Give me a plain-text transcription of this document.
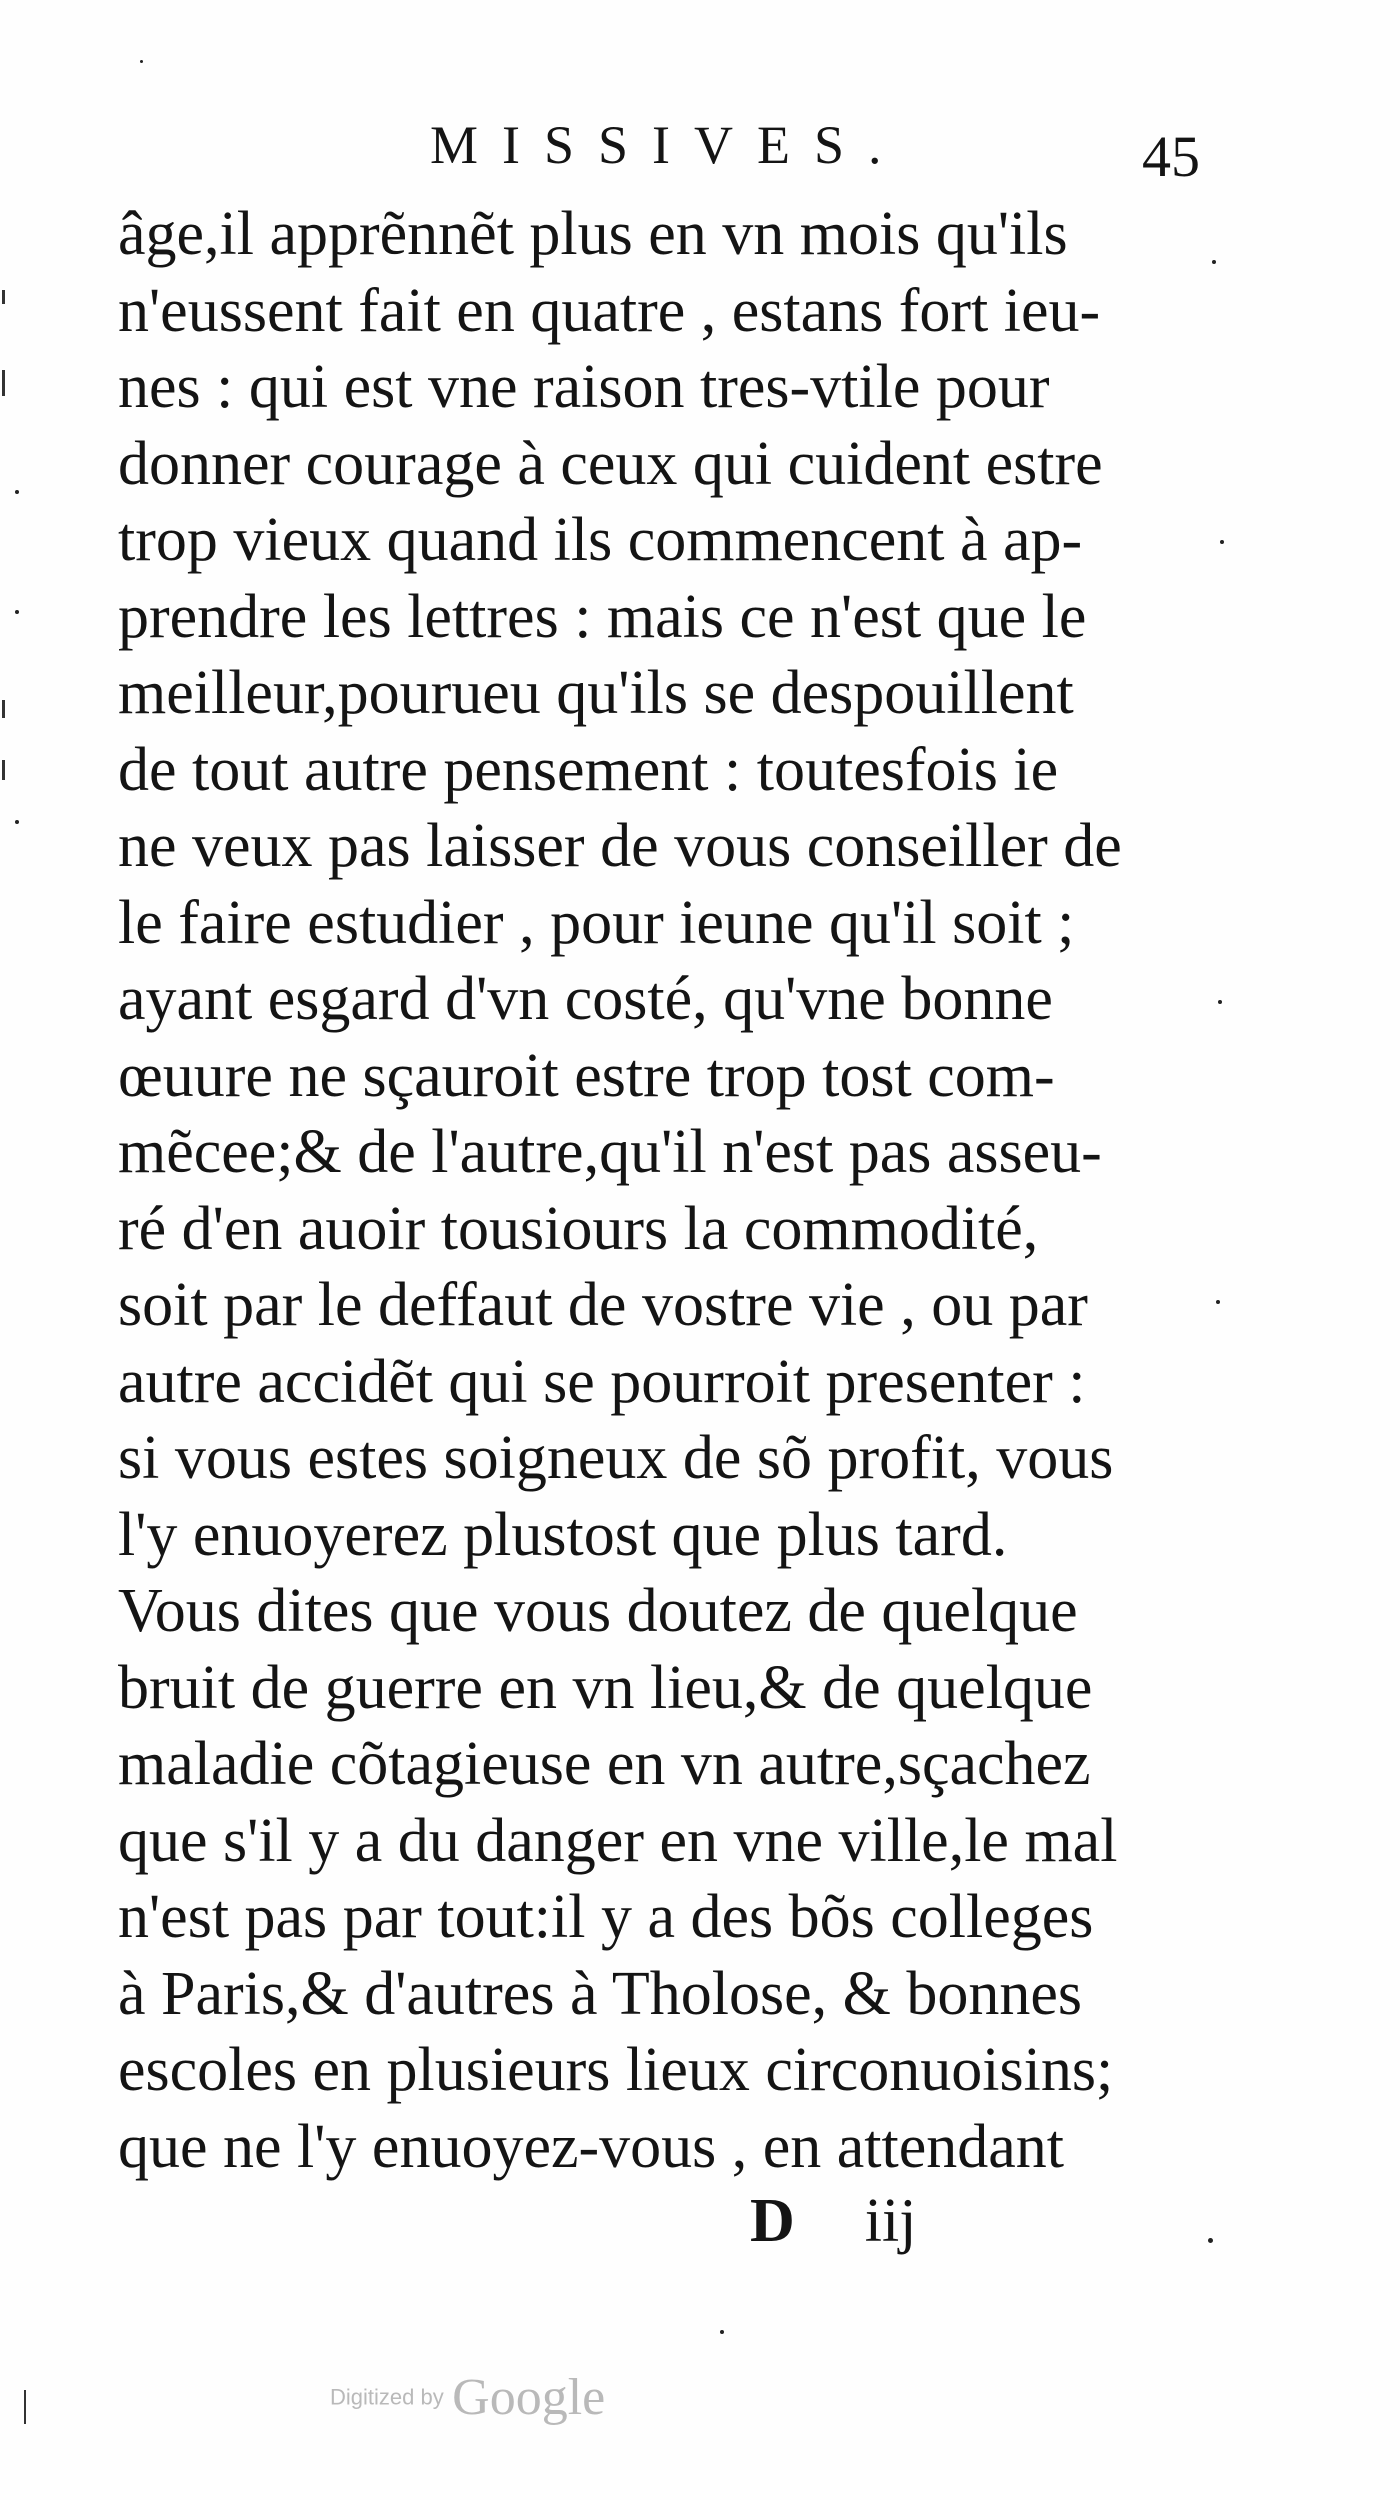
MISSIVES.	45
âge,il apprẽnnẽt plus en vn mois qu'ils
n'eussent fait en quatre , estans fort ieu-
nes : qui est vne raison tres-vtile pour
donner courage à ceux qui cuident estre
trop vieux quand ils commencent à ap-
prendre les lettres : mais ce n'est que le
meilleur,pourueu qu'ils se despouillent
de tout autre pensement : toutesfois ie
ne veux pas laisser de vous conseiller de
le faire estudier , pour ieune qu'il soit ;
ayant esgard d'vn costé, qu'vne bonne
œuure ne sçauroit estre trop tost com-
mẽcee;& de l'autre,qu'il n'est pas asseu-
ré d'en auoir tousiours la commodité,
soit par le deffaut de vostre vie , ou par
autre accidẽt qui se pourroit presenter :
si vous estes soigneux de sõ profit, vous
l'y enuoyerez plustost que plus tard.
Vous dites que vous doutez de quelque
bruit de guerre en vn lieu,& de quelque
maladie cõtagieuse en vn autre,sçachez
que s'il y a du danger en vne ville,le mal
n'est pas par tout:il y a des bõs colleges
à Paris,& d'autres à Tholose, & bonnes
escoles en plusieurs lieux circonuoisins;
que ne l'y enuoyez-vous , en attendant
D iij
Digitized by Google
